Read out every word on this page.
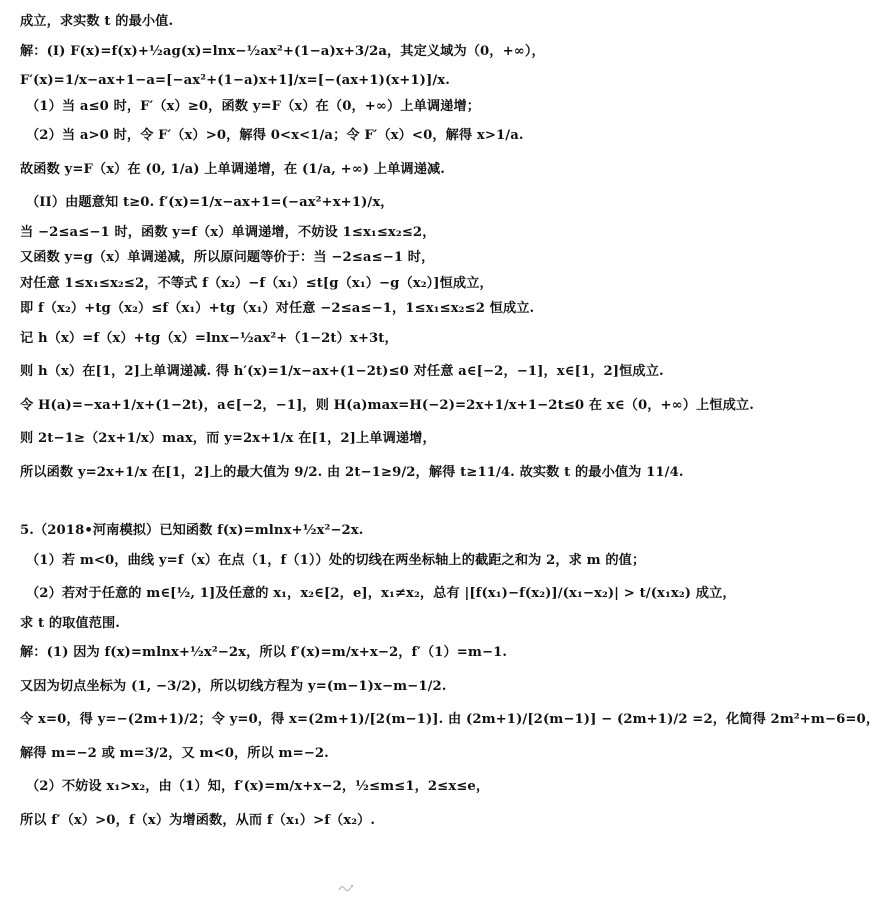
成立，求实数 t 的最小值.

解：(I) F(x)=f(x)+½ag(x)=lnx−½ax²+(1−a)x+3/2a，其定义域为（0，+∞），

F′(x)=1/x−ax+1−a=[−ax²+(1−a)x+1]/x=[−(ax+1)(x+1)]/x.

（1）当 a≤0 时，F′（x）≥0，函数 y=F（x）在（0，+∞）上单调递增；

（2）当 a>0 时，令 F′（x）>0，解得 0<x<1/a；令 F′（x）<0，解得 x>1/a.

故函数 y=F（x）在 (0, 1/a) 上单调递增，在 (1/a, +∞) 上单调递减.

（II）由题意知 t≥0. f′(x)=1/x−ax+1=(−ax²+x+1)/x，

当 −2≤a≤−1 时，函数 y=f（x）单调递增，不妨设 1≤x₁≤x₂≤2，

又函数 y=g（x）单调递减，所以原问题等价于：当 −2≤a≤−1 时，

对任意 1≤x₁≤x₂≤2，不等式 f（x₂）−f（x₁）≤t[g（x₁）−g（x₂）]恒成立，

即 f（x₂）+tg（x₂）≤f（x₁）+tg（x₁）对任意 −2≤a≤−1，1≤x₁≤x₂≤2 恒成立.

记 h（x）=f（x）+tg（x）=lnx−½ax²+（1−2t）x+3t，

则 h（x）在[1，2]上单调递减. 得 h′(x)=1/x−ax+(1−2t)≤0 对任意 a∈[−2，−1]，x∈[1，2]恒成立.

令 H(a)=−xa+1/x+(1−2t)，a∈[−2，−1]，则 H(a)max=H(−2)=2x+1/x+1−2t≤0 在 x∈（0，+∞）上恒成立.

则 2t−1≥（2x+1/x）max，而 y=2x+1/x 在[1，2]上单调递增，

所以函数 y=2x+1/x 在[1，2]上的最大值为 9/2. 由 2t−1≥9/2，解得 t≥11/4. 故实数 t 的最小值为 11/4.

5.（2018•河南模拟）已知函数 f(x)=mlnx+½x²−2x.

（1）若 m<0，曲线 y=f（x）在点（1，f（1））处的切线在两坐标轴上的截距之和为 2，求 m 的值；

（2）若对于任意的 m∈[½, 1]及任意的 x₁，x₂∈[2，e]，x₁≠x₂，总有 |[f(x₁)−f(x₂)]/(x₁−x₂)| > t/(x₁x₂) 成立，

求 t 的取值范围.

解：(1) 因为 f(x)=mlnx+½x²−2x，所以 f′(x)=m/x+x−2，f′（1）=m−1.

又因为切点坐标为 (1, −3/2)，所以切线方程为 y=(m−1)x−m−1/2.

令 x=0，得 y=−(2m+1)/2；令 y=0，得 x=(2m+1)/[2(m−1)]. 由 (2m+1)/[2(m−1)] − (2m+1)/2 =2，化简得 2m²+m−6=0，

解得 m=−2 或 m=3/2，又 m<0，所以 m=−2.

（2）不妨设 x₁>x₂，由（1）知，f′(x)=m/x+x−2，½≤m≤1，2≤x≤e，

所以 f′（x）>0，f（x）为增函数，从而 f（x₁）>f（x₂）.
